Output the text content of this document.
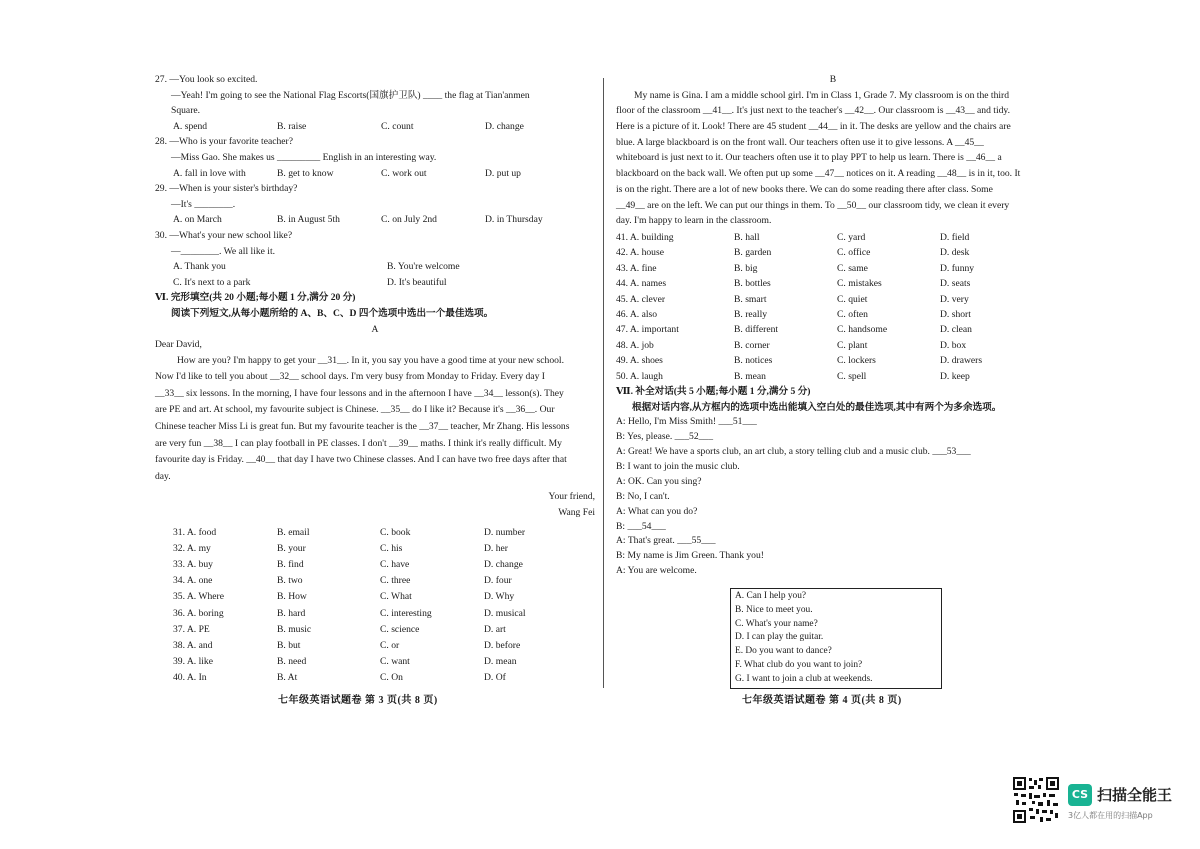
27. —You look so excited.
—Yeah! I'm going to see the National Flag Escorts(国旗护卫队) ____ the flag at Tian'anmen
Square.
A. spend	B. raise	C. count	D. change
28. —Who is your favorite teacher?
—Miss Gao. She makes us _________ English in an interesting way.
A. fall in love with	B. get to know	C. work out	D. put up
29. —When is your sister's birthday?
—It's ________.
A. on March	B. in August 5th	C. on July 2nd	D. in Thursday
30. —What's your new school like?
—________. We all like it.
A. Thank you	B. You're welcome
C. It's next to a park	D. It's beautiful
Ⅵ. 完形填空(共 20 小题;每小题 1 分,满分 20 分)
阅读下列短文,从每小题所给的 A、B、C、D 四个选项中选出一个最佳选项。
A
Dear David,
How are you? I'm happy to get your __31__. In it, you say you have a good time at your new school.
Now I'd like to tell you about __32__ school days. I'm very busy from Monday to Friday. Every day I
__33__ six lessons. In the morning, I have four lessons and in the afternoon I have __34__ lesson(s). They
are PE and art. At school, my favourite subject is Chinese. __35__ do I like it? Because it's __36__. Our
Chinese teacher Miss Li is great fun. But my favourite teacher is the __37__ teacher, Mr Zhang. His lessons
are very fun __38__ I can play football in PE classes. I don't __39__ maths. I think it's really difficult. My
favourite day is Friday. __40__ that day I have two Chinese classes. And I can have two free days after that
day.
Your friend,
Wang Fei
31. A. food	B. email	C. book	D. number
32. A. my	B. your	C. his	D. her
33. A. buy	B. find	C. have	D. change
34. A. one	B. two	C. three	D. four
35. A. Where	B. How	C. What	D. Why
36. A. boring	B. hard	C. interesting	D. musical
37. A. PE	B. music	C. science	D. art
38. A. and	B. but	C. or	D. before
39. A. like	B. need	C. want	D. mean
40. A. In	B. At	C. On	D. Of
B
My name is Gina. I am a middle school girl. I'm in Class 1, Grade 7. My classroom is on the third
floor of the classroom __41__. It's just next to the teacher's __42__. Our classroom is __43__ and tidy.
Here is a picture of it. Look! There are 45 student __44__ in it. The desks are yellow and the chairs are
blue. A large blackboard is on the front wall. Our teachers often use it to give lessons. A __45__
whiteboard is just next to it. Our teachers often use it to play PPT to help us learn. There is __46__ a
blackboard on the back wall. We often put up some __47__ notices on it. A reading __48__ is in it, too. It
is on the right. There are a lot of new books there. We can do some reading there after class. Some
__49__ are on the left. We can put our things in them. To __50__ our classroom tidy, we clean it every
day. I'm happy to learn in the classroom.
41. A. building	B. hall	C. yard	D. field
42. A. house	B. garden	C. office	D. desk
43. A. fine	B. big	C. same	D. funny
44. A. names	B. bottles	C. mistakes	D. seats
45. A. clever	B. smart	C. quiet	D. very
46. A. also	B. really	C. often	D. short
47. A. important	B. different	C. handsome	D. clean
48. A. job	B. corner	C. plant	D. box
49. A. shoes	B. notices	C. lockers	D. drawers
50. A. laugh	B. mean	C. spell	D. keep
Ⅶ. 补全对话(共 5 小题;每小题 1 分,满分 5 分)
根据对话内容,从方框内的选项中选出能填入空白处的最佳选项,其中有两个为多余选项。
A: Hello, I'm Miss Smith! ___51___
B: Yes, please. ___52___
A: Great! We have a sports club, an art club, a story telling club and a music club. ___53___
B: I want to join the music club.
A: OK. Can you sing?
B: No, I can't.
A: What can you do?
B: ___54___
A: That's great. ___55___
B: My name is Jim Green. Thank you!
A: You are welcome.
A. Can I help you?
B. Nice to meet you.
C. What's your name?
D. I can play the guitar.
E. Do you want to dance?
F. What club do you want to join?
G. I want to join a club at weekends.
七年级英语试题卷 第 3 页(共 8 页)	七年级英语试题卷 第 4 页(共 8 页)
CS 扫描全能王
3亿人都在用的扫描App
